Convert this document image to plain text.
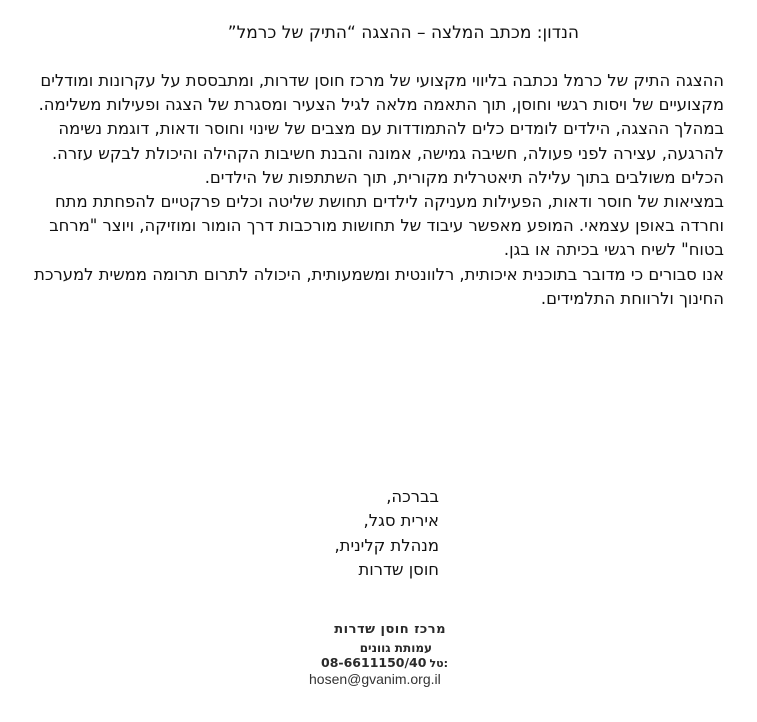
הנדון: מכתב המלצה – ההצגה “התיק של כרמל”

ההצגה התיק של כרמל נכתבה בליווי מקצועי של מרכז חוסן שדרות, ומתבססת על עקרונות ומודלים מקצועיים של ויסות רגשי וחוסן, תוך התאמה מלאה לגיל הצעיר ומסגרת של הצגה ופעילות משלימה.

במהלך ההצגה, הילדים לומדים כלים להתמודדות עם מצבים של שינוי וחוסר ודאות, דוגמת נשימה להרגעה, עצירה לפני פעולה, חשיבה גמישה, אמונה והבנת חשיבות הקהילה והיכולת לבקש עזרה. הכלים משולבים בתוך עלילה תיאטרלית מקורית, תוך השתתפות של הילדים.

במציאות של חוסר ודאות, הפעילות מעניקה לילדים תחושת שליטה וכלים פרקטיים להפחתת מתח וחרדה באופן עצמאי. המופע מאפשר עיבוד של תחושות מורכבות דרך הומור ומוזיקה, ויוצר "מרחב בטוח" לשיח רגשי בכיתה או בגן.

אנו סבורים כי מדובר בתוכנית איכותית, רלוונטית ומשמעותית, היכולה לתרום תרומה ממשית למערכת החינוך ולרווחת התלמידים.

בברכה,
אירית סגל,
מנהלת קלינית,
חוסן שדרות
מרכז חוסן שדרות
עמותת גוונים
08-6611150/40 טל:
hosen@gvanim.org.il
